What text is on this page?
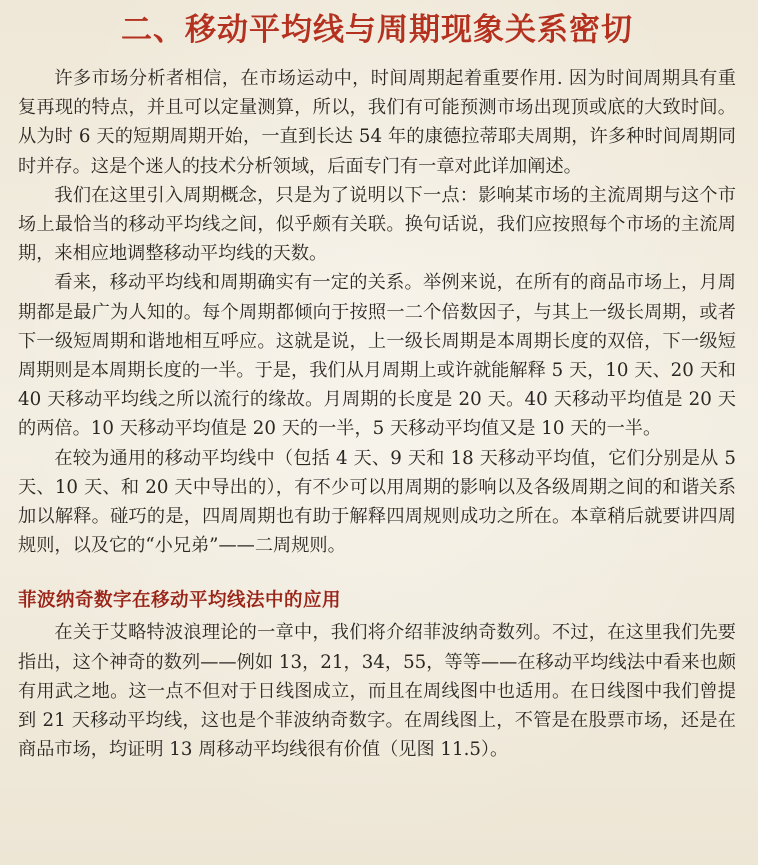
二、移动平均线与周期现象关系密切

许多市场分析者相信，在市场运动中，时间周期起着重要作用. 因为时间周期具有重复再现的特点，并且可以定量测算，所以，我们有可能预测市场出现顶或底的大致时间。从为时 6 天的短期周期开始，一直到长达 54 年的康德拉蒂耶夫周期，许多种时间周期同时并存。这是个迷人的技术分析领域，后面专门有一章对此详加阐述。

我们在这里引入周期概念，只是为了说明以下一点：影响某市场的主流周期与这个市场上最恰当的移动平均线之间，似乎颇有关联。换句话说，我们应按照每个市场的主流周期，来相应地调整移动平均线的天数。

看来，移动平均线和周期确实有一定的关系。举例来说，在所有的商品市场上，月周期都是最广为人知的。每个周期都倾向于按照一二个倍数因子，与其上一级长周期，或者下一级短周期和谐地相互呼应。这就是说，上一级长周期是本周期长度的双倍，下一级短周期则是本周期长度的一半。于是，我们从月周期上或许就能解释 5 天，10 天、20 天和 40 天移动平均线之所以流行的缘故。月周期的长度是 20 天。40 天移动平均值是 20 天的两倍。10 天移动平均值是 20 天的一半，5 天移动平均值又是 10 天的一半。

在较为通用的移动平均线中（包括 4 天、9 天和 18 天移动平均值，它们分别是从 5 天、10 天、和 20 天中导出的），有不少可以用周期的影响以及各级周期之间的和谐关系加以解释。碰巧的是，四周周期也有助于解释四周规则成功之所在。本章稍后就要讲四周规则，以及它的“小兄弟”——二周规则。

菲波纳奇数字在移动平均线法中的应用

在关于艾略特波浪理论的一章中，我们将介绍菲波纳奇数列。不过，在这里我们先要指出，这个神奇的数列——例如 13，21，34，55，等等——在移动平均线法中看来也颇有用武之地。这一点不但对于日线图成立，而且在周线图中也适用。在日线图中我们曾提到 21 天移动平均线，这也是个菲波纳奇数字。在周线图上，不管是在股票市场，还是在商品市场，均证明 13 周移动平均线很有价值（见图 11.5）。
